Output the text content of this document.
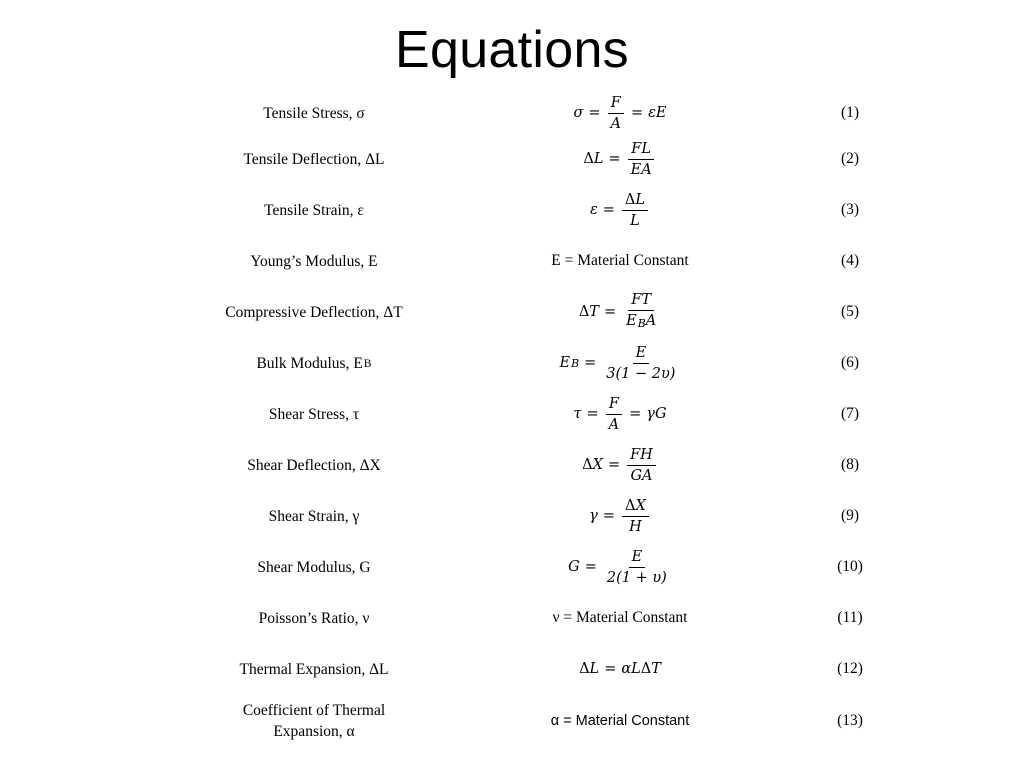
Equations
Tensile Stress, σ	$\sigma = \frac{F}{A} = \varepsilon E$	(1)
Tensile Deflection, ΔL	Δ $L = \frac{FL}{EA}$	(2)
Tensile Strain, ε	$\varepsilon = \frac{\Delta L}{L}$	(3)
Young’s Modulus, E	E = Material Constant	(4)
Compressive Deflection, ΔT	Δ $T = \frac{FT}{E_BA}$	(5)
Bulk Modulus, E B	E $B = \frac{E}{3(1 - 2\upsilon)}$	(6)
Shear Stress, τ	$\tau = \frac{F}{A} = \gamma G$	(7)
Shear Deflection, ΔX	Δ $X = \frac{FH}{GA}$	(8)
Shear Strain, γ	$\gamma = \frac{\Delta X}{H}$	(9)
Shear Modulus, G	$G = \frac{E}{2(1 + \upsilon)}$	(10)
Poisson’s Ratio, ν	ν = Material Constant	(11)
Thermal Expansion, ΔL	Δ L = αL Δ T	(12)
Coefficient of Thermal
Expansion, α
α = Material Constant	(13)
